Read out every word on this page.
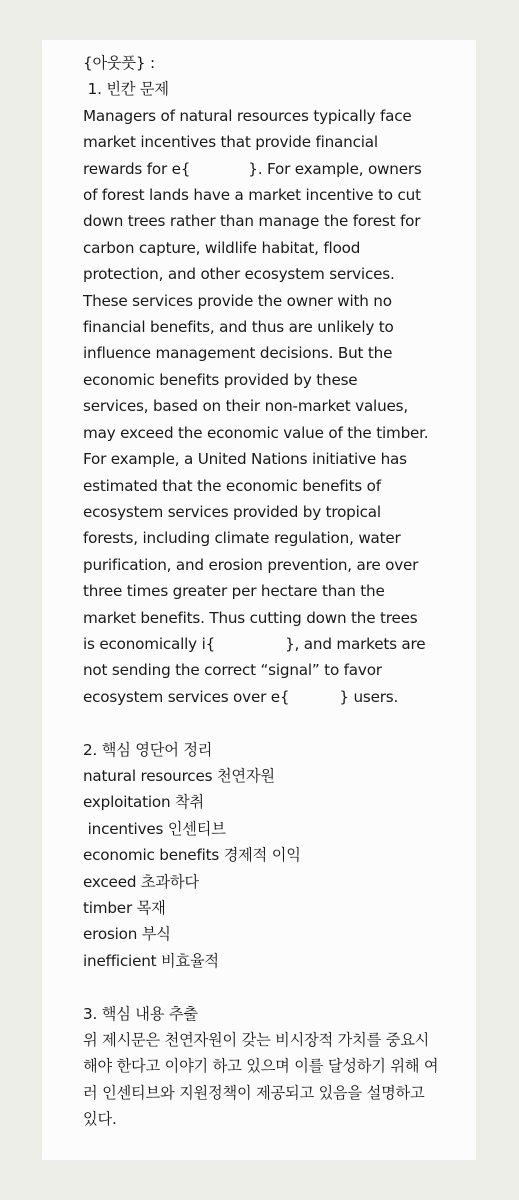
{아웃풋} :
1. 빈칸 문제
Managers of natural resources typically face
market incentives that provide financial
rewards for e{	}. For example, owners
of forest lands have a market incentive to cut
down trees rather than manage the forest for
carbon capture, wildlife habitat, flood
protection, and other ecosystem services.
These services provide the owner with no
financial benefits, and thus are unlikely to
influence management decisions. But the
economic benefits provided by these
services, based on their non-market values,
may exceed the economic value of the timber.
For example, a United Nations initiative has
estimated that the economic benefits of
ecosystem services provided by tropical
forests, including climate regulation, water
purification, and erosion prevention, are over
three times greater per hectare than the
market benefits. Thus cutting down the trees
is economically i{	}, and markets are
not sending the correct “signal” to favor
ecosystem services over e{	} users.
2. 핵심 영단어 정리
natural resources 천연자원
exploitation 착취
incentives 인센티브
economic benefits 경제적 이익
exceed 초과하다
timber 목재
erosion 부식
inefficient 비효율적
3. 핵심 내용 추출
위 제시문은 천연자원이 갖는 비시장적 가치를 중요시
해야 한다고 이야기 하고 있으며 이를 달성하기 위해 여
러 인센티브와 지원정책이 제공되고 있음을 설명하고
있다.
